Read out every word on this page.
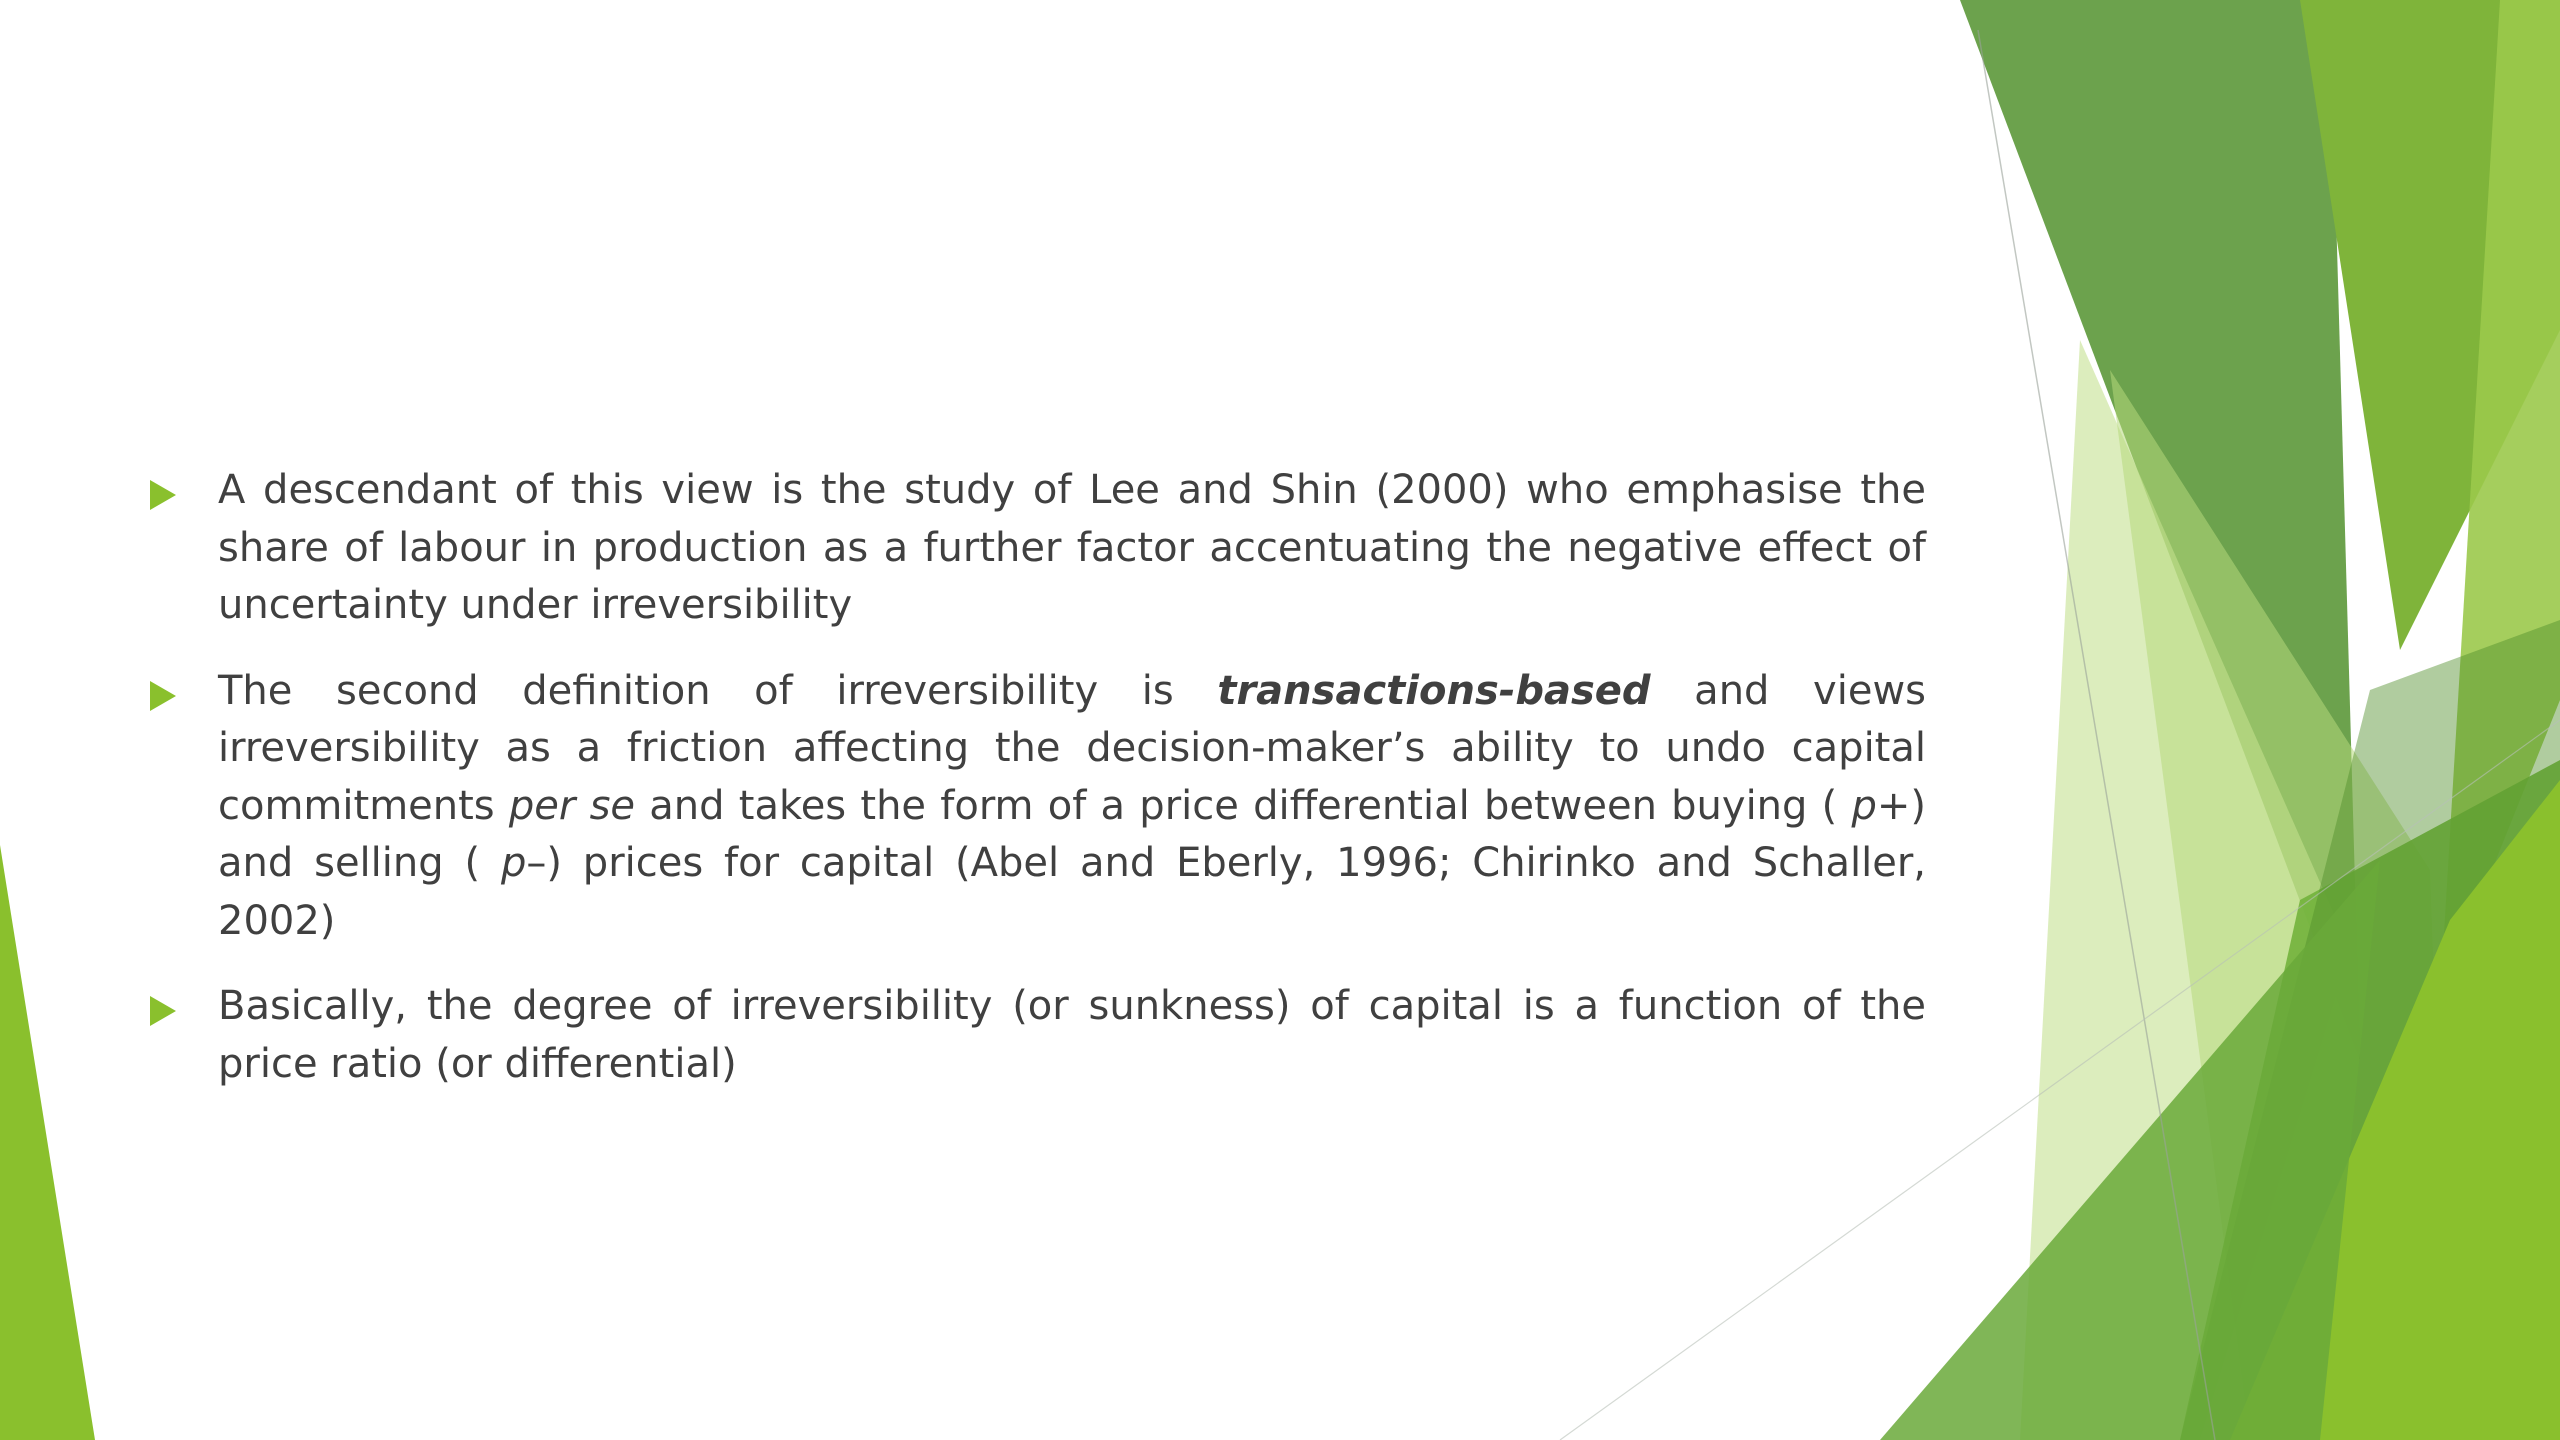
A descendant of this view is the study of Lee and Shin (2000) who emphasise the share of labour in production as a further factor accentuating the negative effect of uncertainty under irreversibility
The second definition of irreversibility is transactions-based and views irreversibility as a friction affecting the decision-maker’s ability to undo capital commitments per se and takes the form of a price differential between buying ( p+) and selling ( p–) prices for capital (Abel and Eberly, 1996; Chirinko and Schaller, 2002)
Basically, the degree of irreversibility (or sunkness) of capital is a function of the price ratio (or differential)
